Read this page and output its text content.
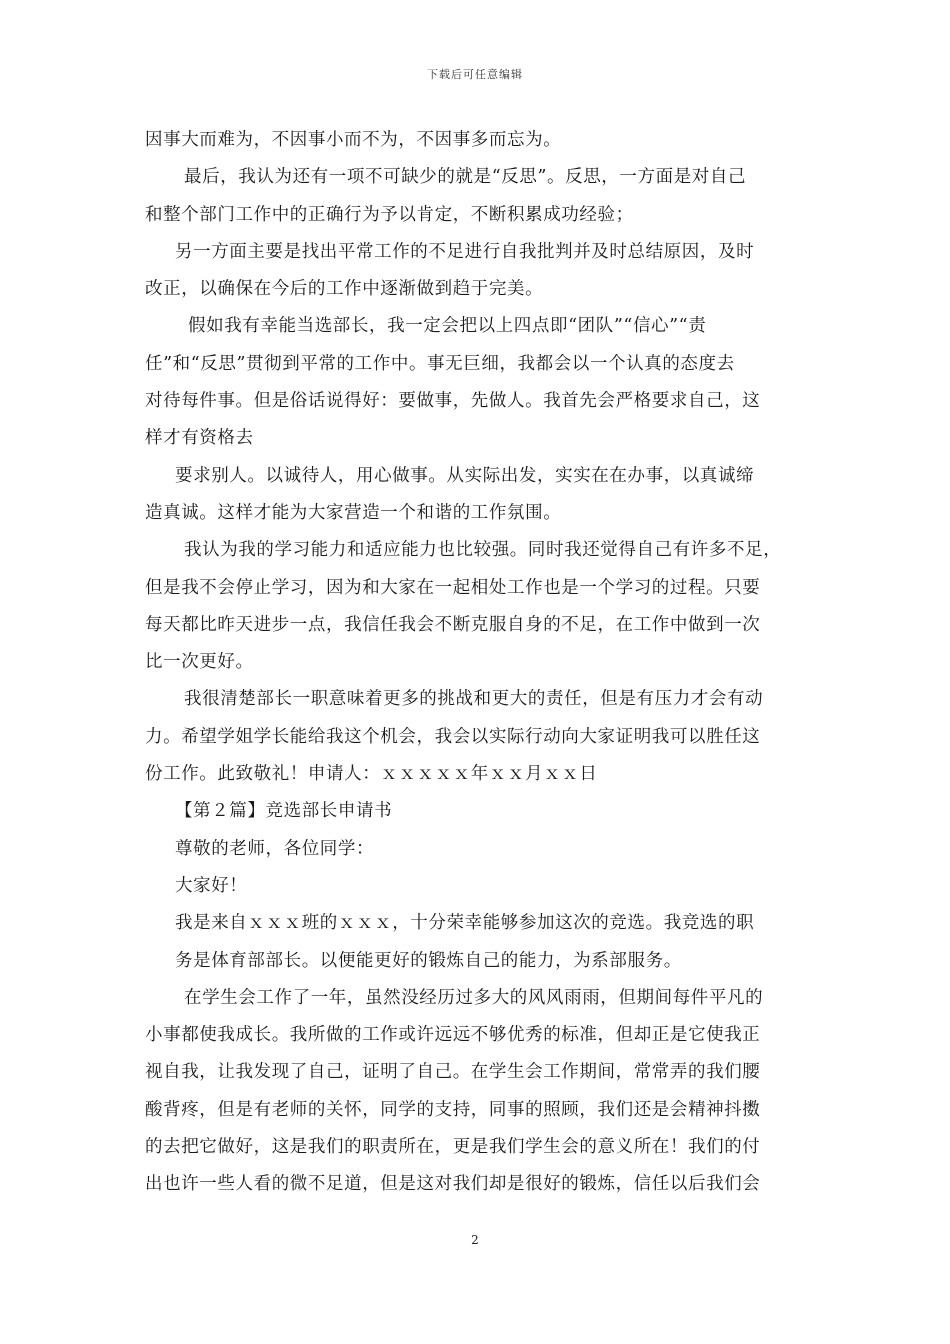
下载后可任意编辑
因事大而难为，不因事小而不为，不因事多而忘为。
最后，我认为还有一项不可缺少的就是“反思”。反思，一方面是对自己
和整个部门工作中的正确行为予以肯定，不断积累成功经验；
另一方面主要是找出平常工作的不足进行自我批判并及时总结原因，及时
改正，以确保在今后的工作中逐渐做到趋于完美。
假如我有幸能当选部长，我一定会把以上四点即“团队”“信心”“责
任”和“反思”贯彻到平常的工作中。事无巨细，我都会以一个认真的态度去
对待每件事。但是俗话说得好：要做事，先做人。我首先会严格要求自己，这
样才有资格去
要求别人。以诚待人，用心做事。从实际出发，实实在在办事，以真诚缔
造真诚。这样才能为大家营造一个和谐的工作氛围。
我认为我的学习能力和适应能力也比较强。同时我还觉得自己有许多不足，
但是我不会停止学习，因为和大家在一起相处工作也是一个学习的过程。只要
每天都比昨天进步一点，我信任我会不断克服自身的不足，在工作中做到一次
比一次更好。
我很清楚部长一职意味着更多的挑战和更大的责任，但是有压力才会有动
力。希望学姐学长能给我这个机会，我会以实际行动向大家证明我可以胜任这
份工作。此致敬礼！申请人：ｘｘｘｘｘ年ｘｘ月ｘｘ日
【第２篇】竞选部长申请书
尊敬的老师，各位同学：
大家好！
我是来自ｘｘｘ班的ｘｘｘ，十分荣幸能够参加这次的竞选。我竞选的职
务是体育部部长。以便能更好的锻炼自己的能力，为系部服务。
在学生会工作了一年，虽然没经历过多大的风风雨雨，但期间每件平凡的
小事都使我成长。我所做的工作或许远远不够优秀的标准，但却正是它使我正
视自我，让我发现了自己，证明了自己。在学生会工作期间，常常弄的我们腰
酸背疼，但是有老师的关怀，同学的支持，同事的照顾，我们还是会精神抖擞
的去把它做好，这是我们的职责所在，更是我们学生会的意义所在！我们的付
出也许一些人看的微不足道，但是这对我们却是很好的锻炼，信任以后我们会
2
